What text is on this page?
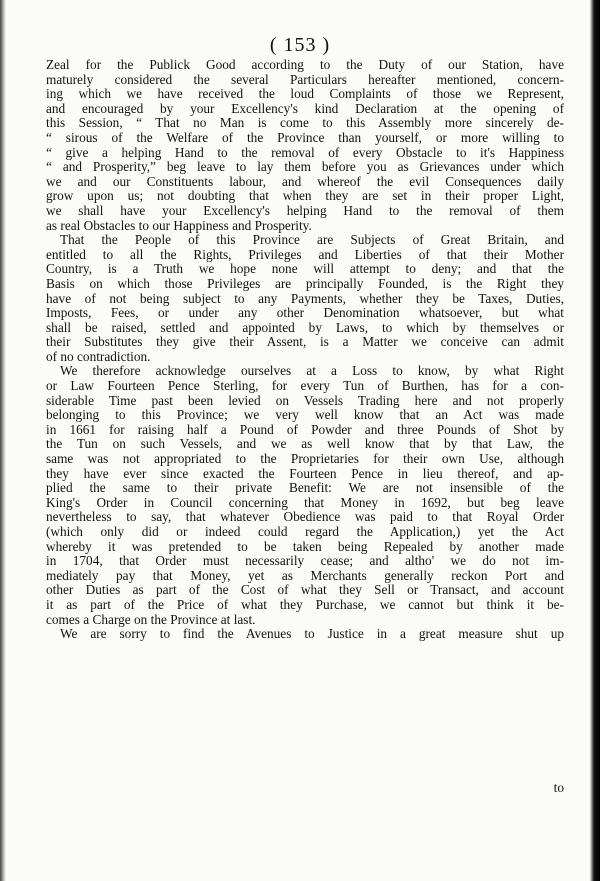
( 153 )
Zeal for the Publick Good according to the Duty of our Station, have
maturely considered the several Particulars hereafter mentioned, concern-
ing which we have received the loud Complaints of those we Represent,
and encouraged by your Excellency's kind Declaration at the opening of
this Session, “ That no Man is come to this Assembly more sincerely de-
“ sirous of the Welfare of the Province than yourself, or more willing to
“ give a helping Hand to the removal of every Obstacle to it's Happiness
“ and Prosperity,” beg leave to lay them before you as Grievances under which
we and our Constituents labour, and whereof the evil Consequences daily
grow upon us; not doubting that when they are set in their proper Light,
we shall have your Excellency's helping Hand to the removal of them
as real Obstacles to our Happiness and Prosperity.
That the People of this Province are Subjects of Great Britain, and
entitled to all the Rights, Privileges and Liberties of that their Mother
Country, is a Truth we hope none will attempt to deny; and that the
Basis on which those Privileges are principally Founded, is the Right they
have of not being subject to any Payments, whether they be Taxes, Duties,
Imposts, Fees, or under any other Denomination whatsoever, but what
shall be raised, settled and appointed by Laws, to which by themselves or
their Substitutes they give their Assent, is a Matter we conceive can admit
of no contradiction.
We therefore acknowledge ourselves at a Loss to know, by what Right
or Law Fourteen Pence Sterling, for every Tun of Burthen, has for a con-
siderable Time past been levied on Vessels Trading here and not properly
belonging to this Province; we very well know that an Act was made
in 1661 for raising half a Pound of Powder and three Pounds of Shot by
the Tun on such Vessels, and we as well know that by that Law, the
same was not appropriated to the Proprietaries for their own Use, although
they have ever since exacted the Fourteen Pence in lieu thereof, and ap-
plied the same to their private Benefit: We are not insensible of the
King's Order in Council concerning that Money in 1692, but beg leave
nevertheless to say, that whatever Obedience was paid to that Royal Order
(which only did or indeed could regard the Application,) yet the Act
whereby it was pretended to be taken being Repealed by another made
in 1704, that Order must necessarily cease; and altho' we do not im-
mediately pay that Money, yet as Merchants generally reckon Port and
other Duties as part of the Cost of what they Sell or Transact, and account
it as part of the Price of what they Purchase, we cannot but think it be-
comes a Charge on the Province at last.
We are sorry to find the Avenues to Justice in a great measure shut up
to
